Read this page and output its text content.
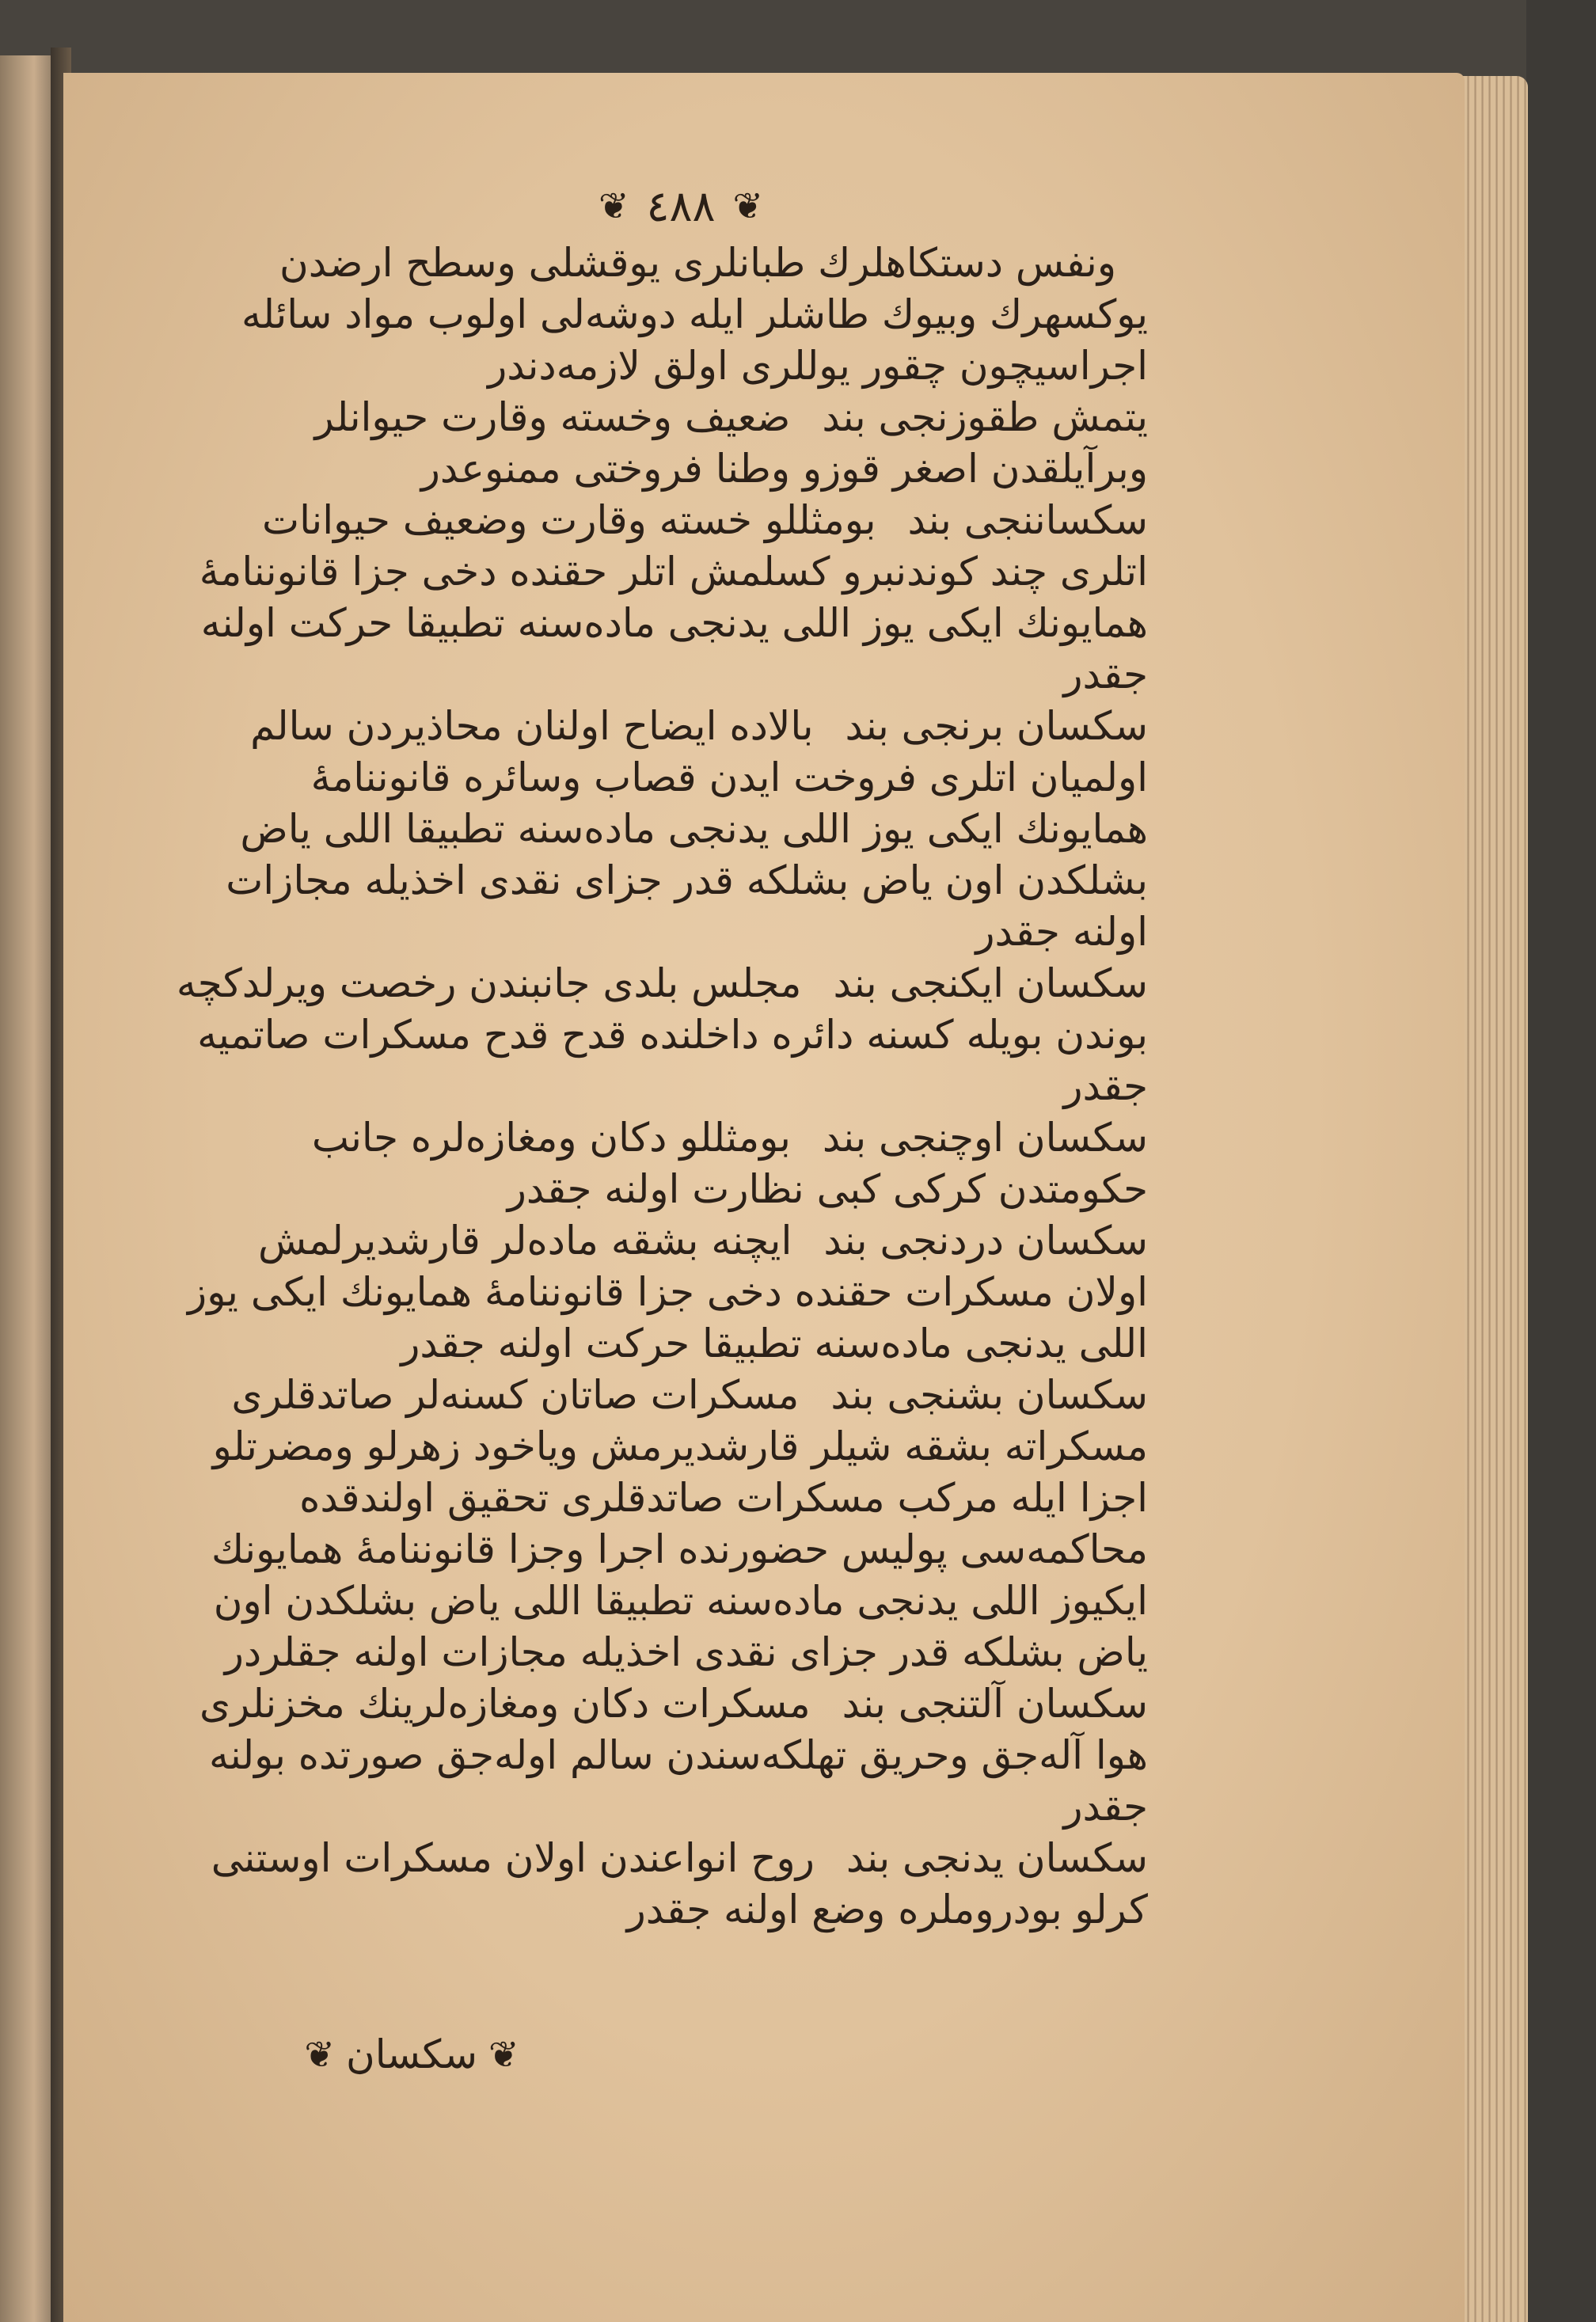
❦ ٤٨٨ ❦

ونفس دستكاهلرك طبانلری یوقشلی وسطح ارضدن یوکسهرك وبیوك طاشلر ایله دوشه‌لی اولوب مواد سائله اجراسیچون چقور یوللری اولق لازمه‌دندر

یتمش طقوزنجی بندضعیف وخسته وقارت حیوانلر وبرآیلقدن اصغر قوزو وطنا فروختی ممنوعدر

سکساننجی بندبومثللو خسته وقارت وضعیف حیوانات اتلری چند کوندنبرو کسلمش اتلر حقنده دخی جزا قانوننامهٔ همایونك ایكی یوز اللی یدنجی ماده‌سنه تطبیقا حرکت اولنه جقدر

سکسان برنجی بندبالاده ایضاح اولنان محاذیردن سالم اولمیان اتلری فروخت ایدن قصاب وسائره قانوننامهٔ همایونك ایكی یوز اللی یدنجی ماده‌سنه تطبیقا اللی یاض بشلکدن اون یاض بشلکه قدر جزای نقدی اخذیله مجازات اولنه جقدر

سکسان ایکنجی بندمجلس بلدی جانبندن رخصت ویرلدکچه بوندن بویله کسنه دائره داخلنده قدح قدح مسکرات صاتمیه جقدر

سکسان اوچنجی بندبومثللو دکان ومغازه‌لره جانب حکومتدن کرکی کبی نظارت اولنه جقدر

سکسان دردنجی بندایچنه بشقه ماده‌لر قارشدیرلمش اولان مسکرات حقنده دخی جزا قانوننامهٔ همایونك ایكی یوز اللی یدنجی ماده‌سنه تطبیقا حرکت اولنه جقدر

سکسان بشنجی بندمسکرات صاتان کسنه‌لر صاتدقلری مسکراته بشقه شیلر قارشدیرمش ویاخود زهرلو ومضرتلو اجزا ایله مرکب مسکرات صاتدقلری تحقیق اولندقده محاکمه‌سی پولیس حضورنده اجرا وجزا قانوننامهٔ همایونك ایکیوز اللی یدنجی ماده‌سنه تطبیقا اللی یاض بشلکدن اون یاض بشلکه قدر جزای نقدی اخذیله مجازات اولنه جقلردر

سکسان آلتنجی بندمسکرات دکان ومغازه‌لرینك مخزنلری هوا آله‌جق وحریق تهلکه‌سندن سالم اوله‌جق صورتده بولنه جقدر

سکسان یدنجی بندروح انواعندن اولان مسکرات اوستنی کرلو بودروملره وضع اولنه جقدر

❦
سکسان
❦
